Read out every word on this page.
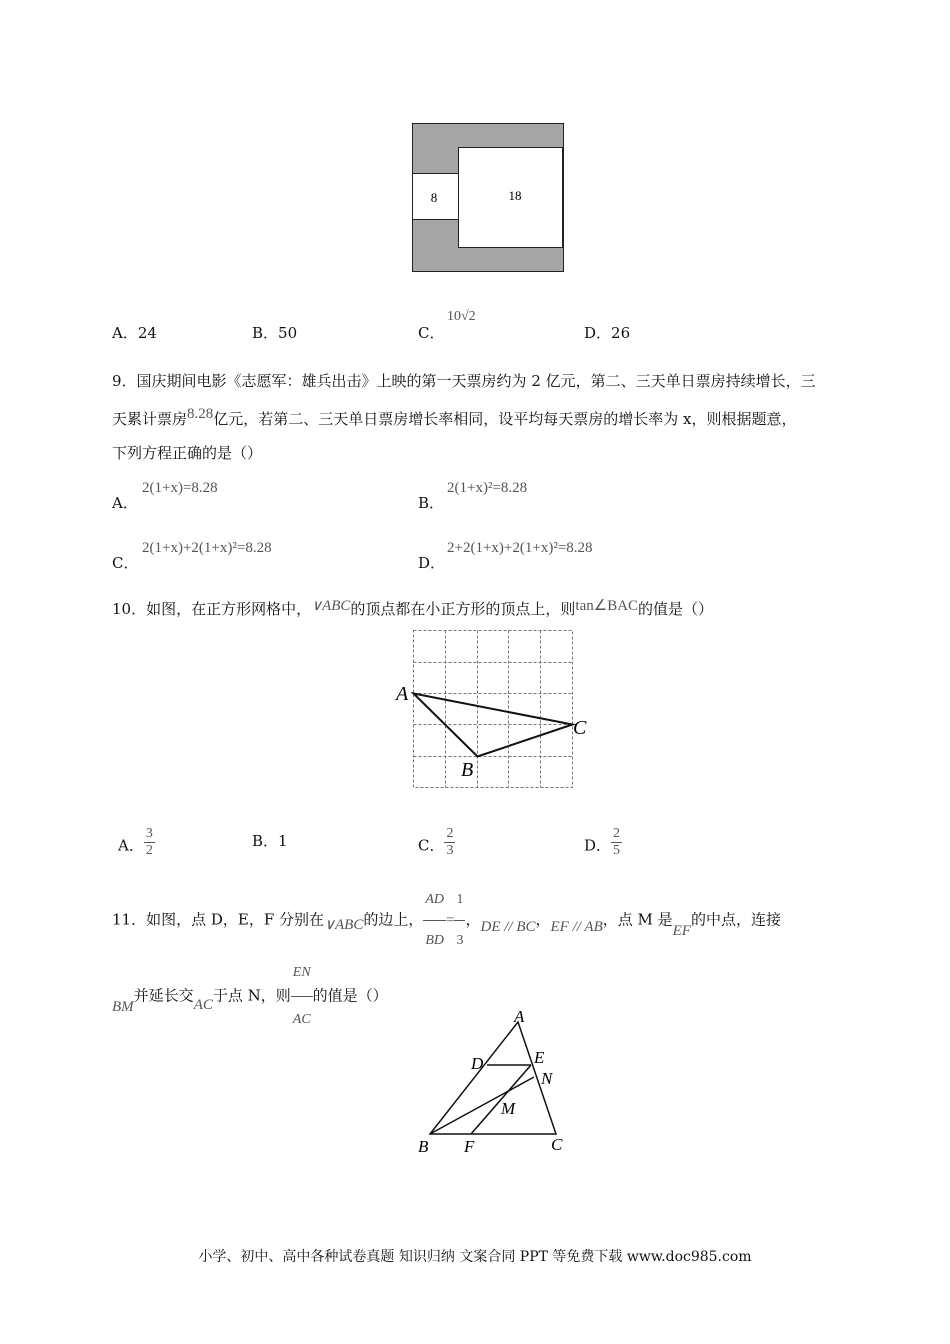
8	18
A．24	B．50	C．
10√2
D．26
9．国庆期间电影《志愿军：雄兵出击》上映的第一天票房约为 2 亿元，第二、三天单日票房持续增长，三
天累计票房8.28亿元，若第二、三天单日票房增长率相同，设平均每天票房的增长率为 x，则根据题意，
下列方程正确的是（）
A．
2(1+x)=8.28
B．
2(1+x)²=8.28
C．
2(1+x)+2(1+x)²=8.28
D．
2+2(1+x)+2(1+x)²=8.28
10．如图，在正方形网格中，∨ABC的顶点都在小正方形的顶点上，则tan∠BAC的值是（）
A
C
B
A． $\frac{3}{2}$	B．1	C． $\frac{2}{3}$	D． $\frac{2}{5}$
11．如图，点 D，E，F 分别在∨ABC的边上， $\frac{AD}{BD} = \frac{1}{3}$ ，DE // BC，EF // AB，点 M 是EF的中点，连接
BM并延长交AC于点 N，则 $\frac{EN}{AC}$ 的值是（）
A
D	E
N
M
B F	C
小学、初中、高中各种试卷真题 知识归纳 文案合同 PPT 等免费下载 www.doc985.com
